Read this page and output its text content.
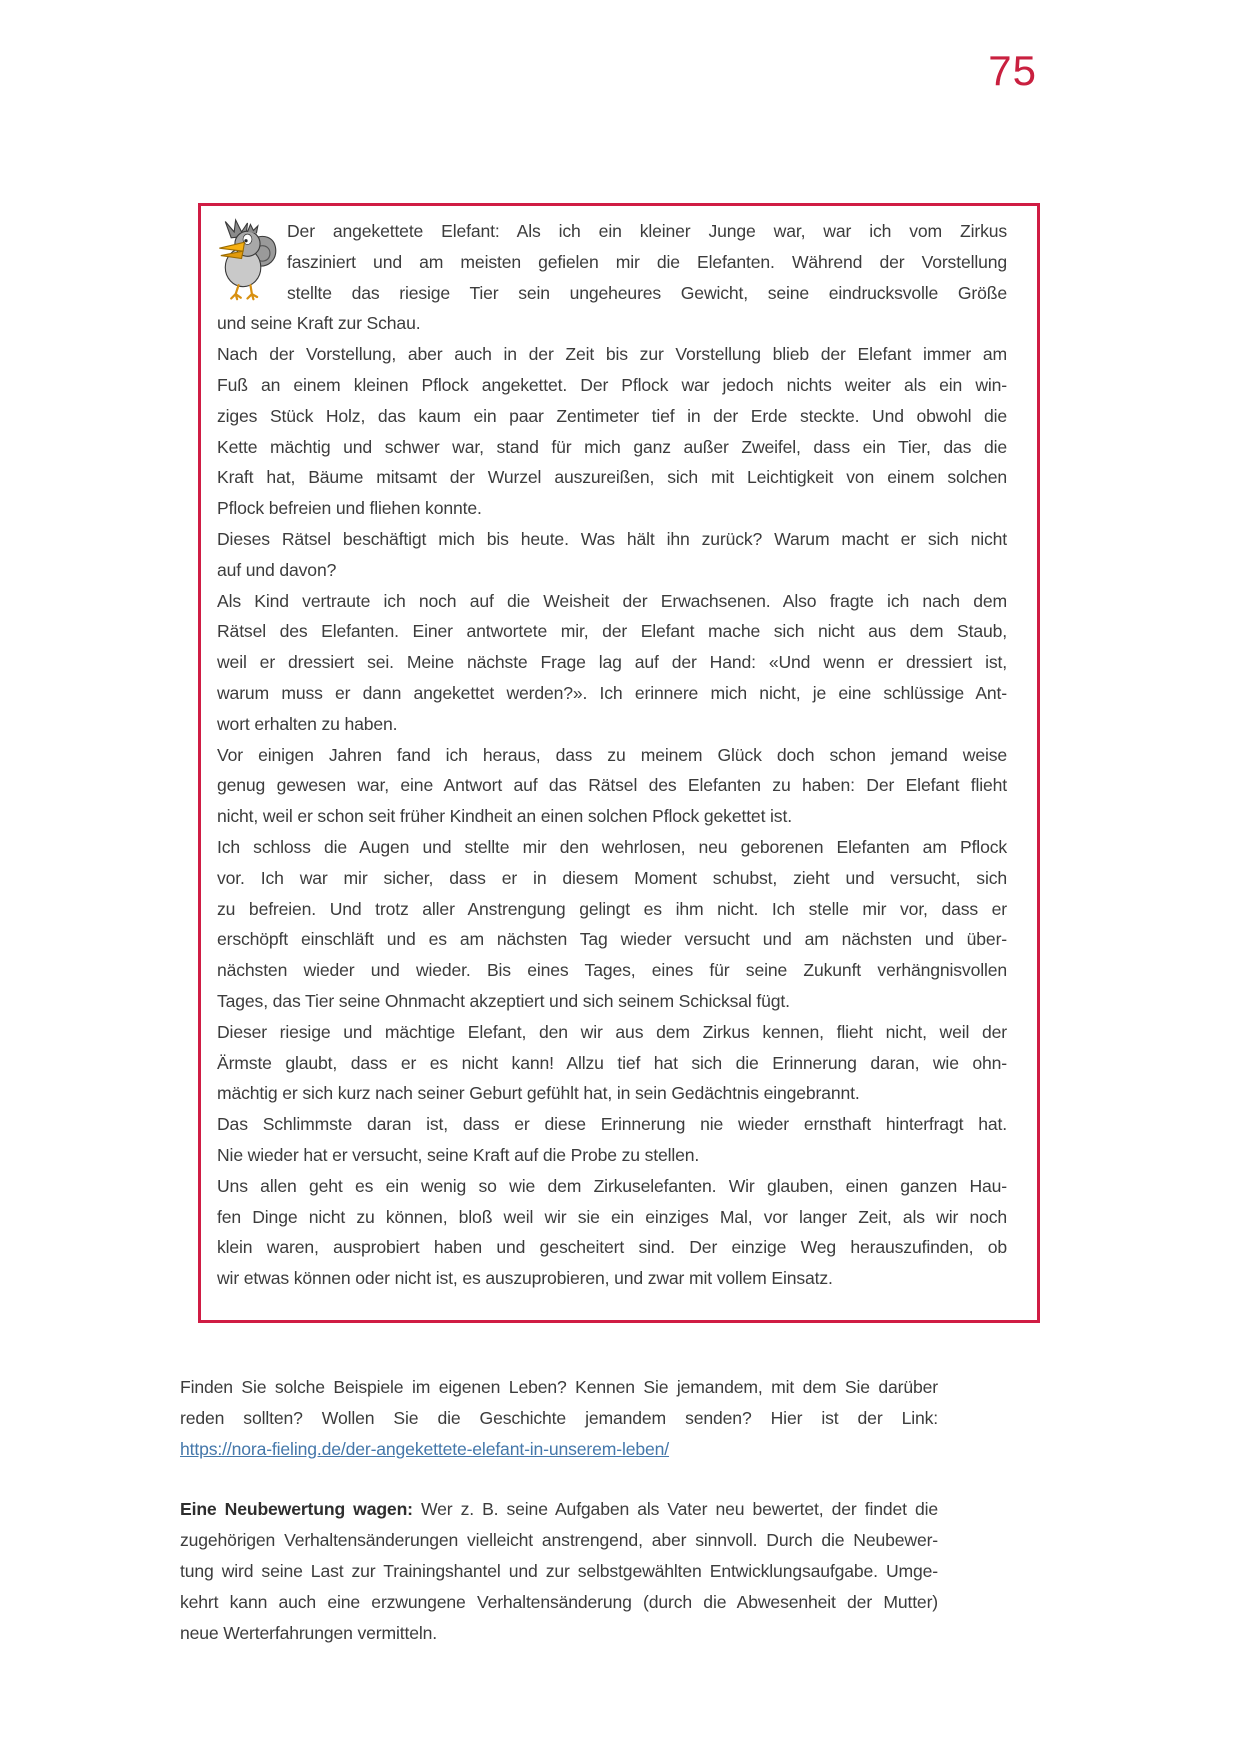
75
Der angekettete Elefant: Als ich ein kleiner Junge war, war ich vom Zirkus
fasziniert und am meisten gefielen mir die Elefanten. Während der Vorstellung
stellte das riesige Tier sein ungeheures Gewicht, seine eindrucksvolle Größe
und seine Kraft zur Schau.
Nach der Vorstellung, aber auch in der Zeit bis zur Vorstellung blieb der Elefant immer am
Fuß an einem kleinen Pflock angekettet. Der Pflock war jedoch nichts weiter als ein win-
ziges Stück Holz, das kaum ein paar Zentimeter tief in der Erde steckte. Und obwohl die
Kette mächtig und schwer war, stand für mich ganz außer Zweifel, dass ein Tier, das die
Kraft hat, Bäume mitsamt der Wurzel auszureißen, sich mit Leichtigkeit von einem solchen
Pflock befreien und fliehen konnte.
Dieses Rätsel beschäftigt mich bis heute. Was hält ihn zurück? Warum macht er sich nicht
auf und davon?
Als Kind vertraute ich noch auf die Weisheit der Erwachsenen. Also fragte ich nach dem
Rätsel des Elefanten. Einer antwortete mir, der Elefant mache sich nicht aus dem Staub,
weil er dressiert sei. Meine nächste Frage lag auf der Hand: «Und wenn er dressiert ist,
warum muss er dann angekettet werden?». Ich erinnere mich nicht, je eine schlüssige Ant-
wort erhalten zu haben.
Vor einigen Jahren fand ich heraus, dass zu meinem Glück doch schon jemand weise
genug gewesen war, eine Antwort auf das Rätsel des Elefanten zu haben: Der Elefant flieht
nicht, weil er schon seit früher Kindheit an einen solchen Pflock gekettet ist.
Ich schloss die Augen und stellte mir den wehrlosen, neu geborenen Elefanten am Pflock
vor. Ich war mir sicher, dass er in diesem Moment schubst, zieht und versucht, sich
zu befreien. Und trotz aller Anstrengung gelingt es ihm nicht. Ich stelle mir vor, dass er
erschöpft einschläft und es am nächsten Tag wieder versucht und am nächsten und über-
nächsten wieder und wieder. Bis eines Tages, eines für seine Zukunft verhängnisvollen
Tages, das Tier seine Ohnmacht akzeptiert und sich seinem Schicksal fügt.
Dieser riesige und mächtige Elefant, den wir aus dem Zirkus kennen, flieht nicht, weil der
Ärmste glaubt, dass er es nicht kann! Allzu tief hat sich die Erinnerung daran, wie ohn-
mächtig er sich kurz nach seiner Geburt gefühlt hat, in sein Gedächtnis eingebrannt.
Das Schlimmste daran ist, dass er diese Erinnerung nie wieder ernsthaft hinterfragt hat.
Nie wieder hat er versucht, seine Kraft auf die Probe zu stellen.
Uns allen geht es ein wenig so wie dem Zirkuselefanten. Wir glauben, einen ganzen Hau-
fen Dinge nicht zu können, bloß weil wir sie ein einziges Mal, vor langer Zeit, als wir noch
klein waren, ausprobiert haben und gescheitert sind. Der einzige Weg herauszufinden, ob
wir etwas können oder nicht ist, es auszuprobieren, und zwar mit vollem Einsatz.
Finden Sie solche Beispiele im eigenen Leben? Kennen Sie jemandem, mit dem Sie darüber
reden sollten? Wollen Sie die Geschichte jemandem senden? Hier ist der Link:
https://nora-fieling.de/der-angekettete-elefant-in-unserem-leben/
Eine Neubewertung wagen: Wer z. B. seine Aufgaben als Vater neu bewertet, der findet die
zugehörigen Verhaltensänderungen vielleicht anstrengend, aber sinnvoll. Durch die Neubewer-
tung wird seine Last zur Trainingshantel und zur selbstgewählten Entwicklungsaufgabe. Umge-
kehrt kann auch eine erzwungene Verhaltensänderung (durch die Abwesenheit der Mutter)
neue Werterfahrungen vermitteln.
